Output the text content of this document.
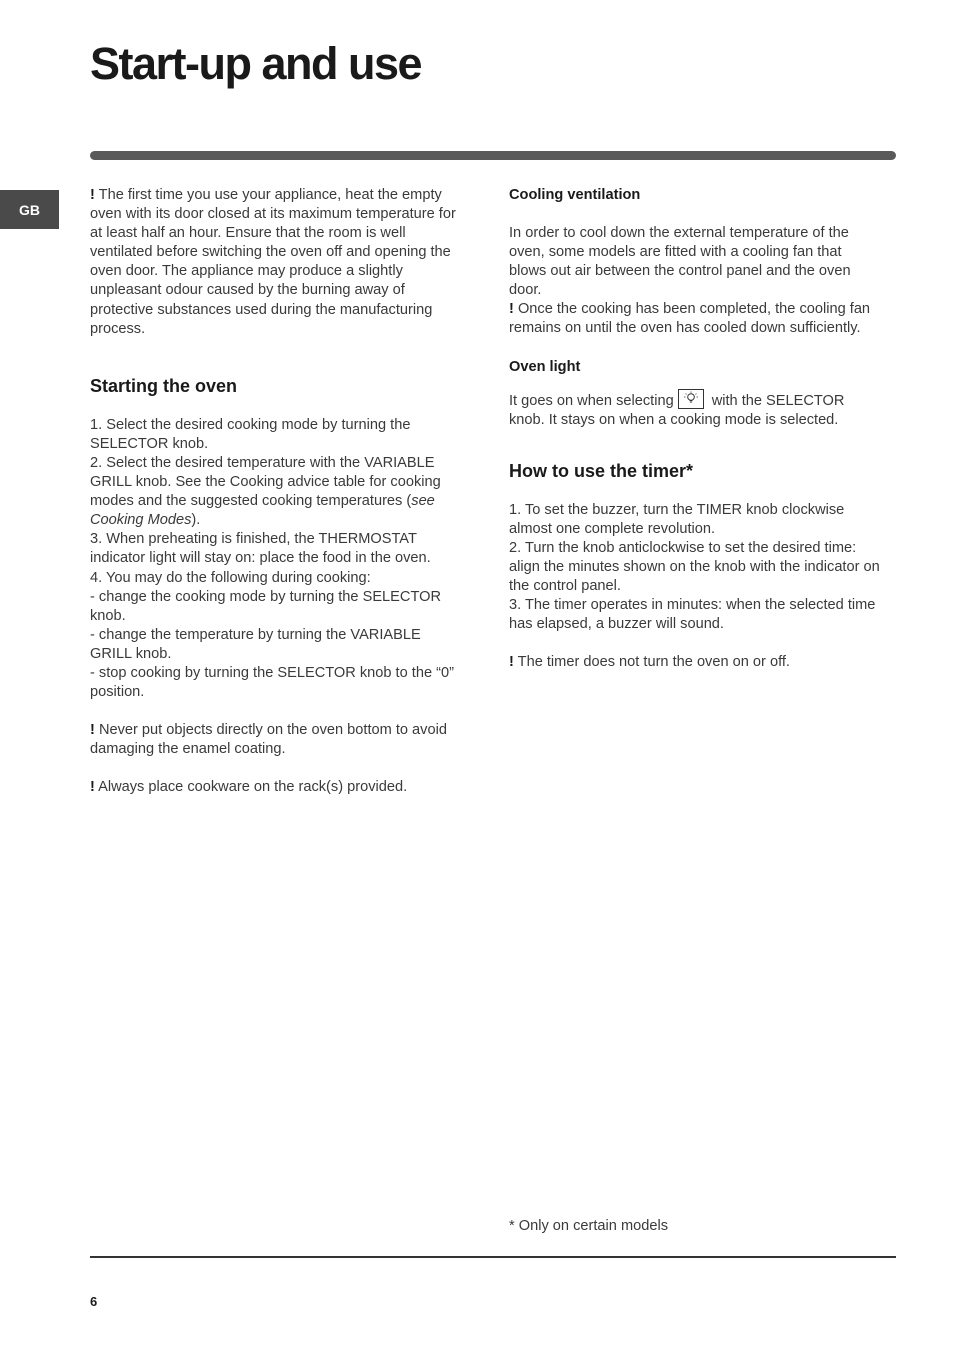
Start-up and use
GB

! The first time you use your appliance, heat the empty oven with its door closed at its maximum temperature for at least half an hour. Ensure that the room is well ventilated before switching the oven off and opening the oven door. The appliance may produce a slightly unpleasant odour caused by the burning away of protective substances used during the manufacturing process.

Starting the oven

1. Select the desired cooking mode by turning the SELECTOR knob.

2. Select the desired temperature with the VARIABLE GRILL knob. See the Cooking advice table for cooking modes and the suggested cooking temperatures (see Cooking Modes).

3. When preheating is finished, the THERMOSTAT indicator light will stay on: place the food in the oven.

4. You may do the following during cooking:

- change the cooking mode by turning the SELECTOR knob.

- change the temperature by turning the VARIABLE GRILL knob.

- stop cooking by turning the SELECTOR knob to the “0” position.

! Never put objects directly on the oven bottom to avoid damaging the enamel coating.

! Always place cookware on the rack(s) provided.

Cooling ventilation

In order to cool down the external temperature of the oven, some models are fitted with a cooling fan that blows out air between the control panel and the oven door.

! Once the cooking has been completed, the cooling fan remains on until the oven has cooled down sufficiently.

Oven light

It goes on when selecting	with the SELECTOR knob. It stays on when a cooking mode is selected.

How to use the timer*

1. To set the buzzer, turn the TIMER knob clockwise almost one complete revolution.

2. Turn the knob anticlockwise to set the desired time: align the minutes shown on the knob with the indicator on the control panel.

3. The timer operates in minutes: when the selected time has elapsed, a buzzer will sound.

! The timer does not turn the oven on or off.

* Only on certain models
6
